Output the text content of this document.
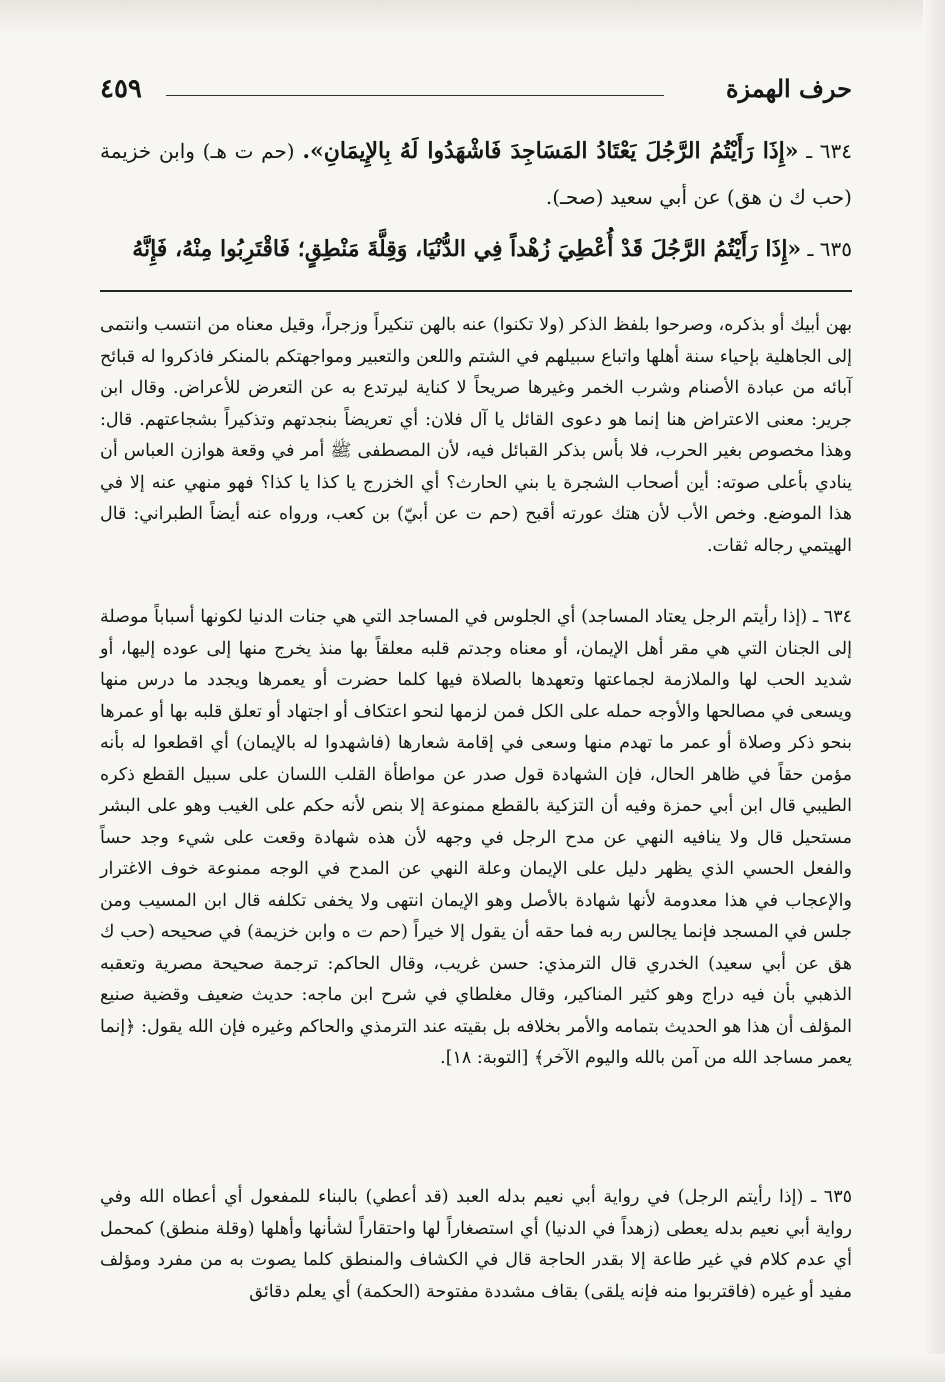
٤٥٩	حرف الهمزة
٦٣٤ ـ «إِذَا رَأَيْتُمُ الرَّجُلَ يَعْتَادُ المَسَاجِدَ فَاشْهَدُوا لَهُ بِالإِيمَانِ». (حم ت هـ) وابن خزيمة (حب ك ن هق) عن أبي سعيد (صحـ).
٦٣٥ ـ «إِذَا رَأَيْتُمُ الرَّجُلَ قَدْ أُعْطِيَ زُهْداً فِي الدُّنْيَا، وَقِلَّةَ مَنْطِقٍ؛ فَاقْتَرِبُوا مِنْهُ، فَإِنَّهُ

بهن أبيك أو بذكره، وصرحوا بلفظ الذكر (ولا تكنوا) عنه بالهن تنكيراً وزجراً، وقيل معناه من انتسب وانتمى إلى الجاهلية بإحياء سنة أهلها واتباع سبيلهم في الشتم واللعن والتعبير ومواجهتكم بالمنكر فاذكروا له قبائح آبائه من عبادة الأصنام وشرب الخمر وغيرها صريحاً لا كناية ليرتدع به عن التعرض للأعراض. وقال ابن جرير: معنى الاعتراض هنا إنما هو دعوى القائل يا آل فلان: أي تعريضاً بنجدتهم وتذكيراً بشجاعتهم. قال: وهذا مخصوص بغير الحرب، فلا بأس بذكر القبائل فيه، لأن المصطفى ﷺ أمر في وقعة هوازن العباس أن ينادي بأعلى صوته: أين أصحاب الشجرة يا بني الحارث؟ أي الخزرج يا كذا يا كذا؟ فهو منهي عنه إلا في هذا الموضع. وخص الأب لأن هتك عورته أقبح (حم ت عن أبيّ) بن كعب، ورواه عنه أيضاً الطبراني: قال الهيتمي رجاله ثقات.

٦٣٤ ـ (إذا رأيتم الرجل يعتاد المساجد) أي الجلوس في المساجد التي هي جنات الدنيا لكونها أسباباً موصلة إلى الجنان التي هي مقر أهل الإيمان، أو معناه وجدتم قلبه معلقاً بها منذ يخرج منها إلى عوده إليها، أو شديد الحب لها والملازمة لجماعتها وتعهدها بالصلاة فيها كلما حضرت أو يعمرها ويجدد ما درس منها ويسعى في مصالحها والأوجه حمله على الكل فمن لزمها لنحو اعتكاف أو اجتهاد أو تعلق قلبه بها أو عمرها بنحو ذكر وصلاة أو عمر ما تهدم منها وسعى في إقامة شعارها (فاشهدوا له بالإيمان) أي اقطعوا له بأنه مؤمن حقاً في ظاهر الحال، فإن الشهادة قول صدر عن مواطأة القلب اللسان على سبيل القطع ذكره الطيبي قال ابن أبي حمزة وفيه أن التزكية بالقطع ممنوعة إلا بنص لأنه حكم على الغيب وهو على البشر مستحيل قال ولا ينافيه النهي عن مدح الرجل في وجهه لأن هذه شهادة وقعت على شيء وجد حساً والفعل الحسي الذي يظهر دليل على الإيمان وعلة النهي عن المدح في الوجه ممنوعة خوف الاغترار والإعجاب في هذا معدومة لأنها شهادة بالأصل وهو الإيمان انتهى ولا يخفى تكلفه قال ابن المسيب ومن جلس في المسجد فإنما يجالس ربه فما حقه أن يقول إلا خيراً (حم ت ه وابن خزيمة) في صحيحه (حب ك هق عن أبي سعيد) الخدري قال الترمذي: حسن غريب، وقال الحاكم: ترجمة صحيحة مصرية وتعقبه الذهبي بأن فيه دراج وهو كثير المناكير، وقال مغلطاي في شرح ابن ماجه: حديث ضعيف وقضية صنيع المؤلف أن هذا هو الحديث بتمامه والأمر بخلافه بل بقيته عند الترمذي والحاكم وغيره فإن الله يقول: ﴿إنما يعمر مساجد الله من آمن بالله واليوم الآخر﴾ [التوبة: ١٨].

٦٣٥ ـ (إذا رأيتم الرجل) في رواية أبي نعيم بدله العبد (قد أعطي) بالبناء للمفعول أي أعطاه الله وفي رواية أبي نعيم بدله يعطى (زهداً في الدنيا) أي استصغاراً لها واحتقاراً لشأنها وأهلها (وقلة منطق) كمحمل أي عدم كلام في غير طاعة إلا بقدر الحاجة قال في الكشاف والمنطق كلما يصوت به من مفرد ومؤلف مفيد أو غيره (فاقتربوا منه فإنه يلقى) بقاف مشددة مفتوحة (الحكمة) أي يعلم دقائق
